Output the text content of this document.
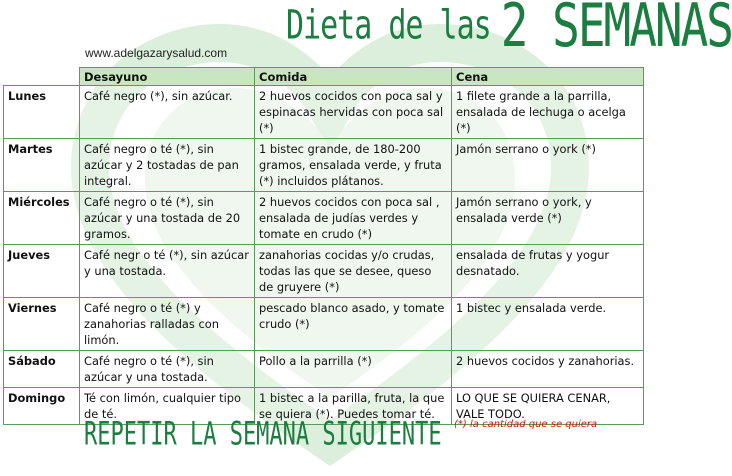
Dieta de las 2 SEMANAS
www.adelgazarysalud.com
	Desayuno	Comida	Cena
Lunes	Café negro (*), sin azúcar.	2 huevos cocidos con poca sal y espinacas hervidas con poca sal (*)	1 filete grande a la parrilla, ensalada de lechuga o acelga (*)
Martes	Café negro o té (*), sin azúcar y 2 tostadas de pan integral.	1 bistec grande, de 180-200 gramos, ensalada verde, y fruta (*) incluidos plátanos.	Jamón serrano o york (*)
Miércoles	Café negro o té (*), sin azúcar y una tostada de 20 gramos.	2 huevos cocidos con poca sal , ensalada de judías verdes y tomate en crudo (*)	Jamón serrano o york, y ensalada verde (*)
Jueves	Café negr o té (*), sin azúcar y una tostada.	zanahorias cocidas y/o crudas, todas las que se desee, queso de gruyere (*)	ensalada de frutas y yogur desnatado.
Viernes	Café negro o té (*) y zanahorias ralladas con limón.	pescado blanco asado, y tomate crudo (*)	1 bistec y ensalada verde.
Sábado	Café negro o té (*), sin azúcar y una tostada.	Pollo a la parrilla (*)	2 huevos cocidos y zanahorias.
Domingo	Té con limón, cualquier tipo de té.	1 bistec a la parilla, fruta, la que se quiera (*). Puedes tomar té.	LO QUE SE QUIERA CENAR, VALE TODO.
REPETIR LA SEMANA SIGUIENTE (*) la cantidad que se quiera
